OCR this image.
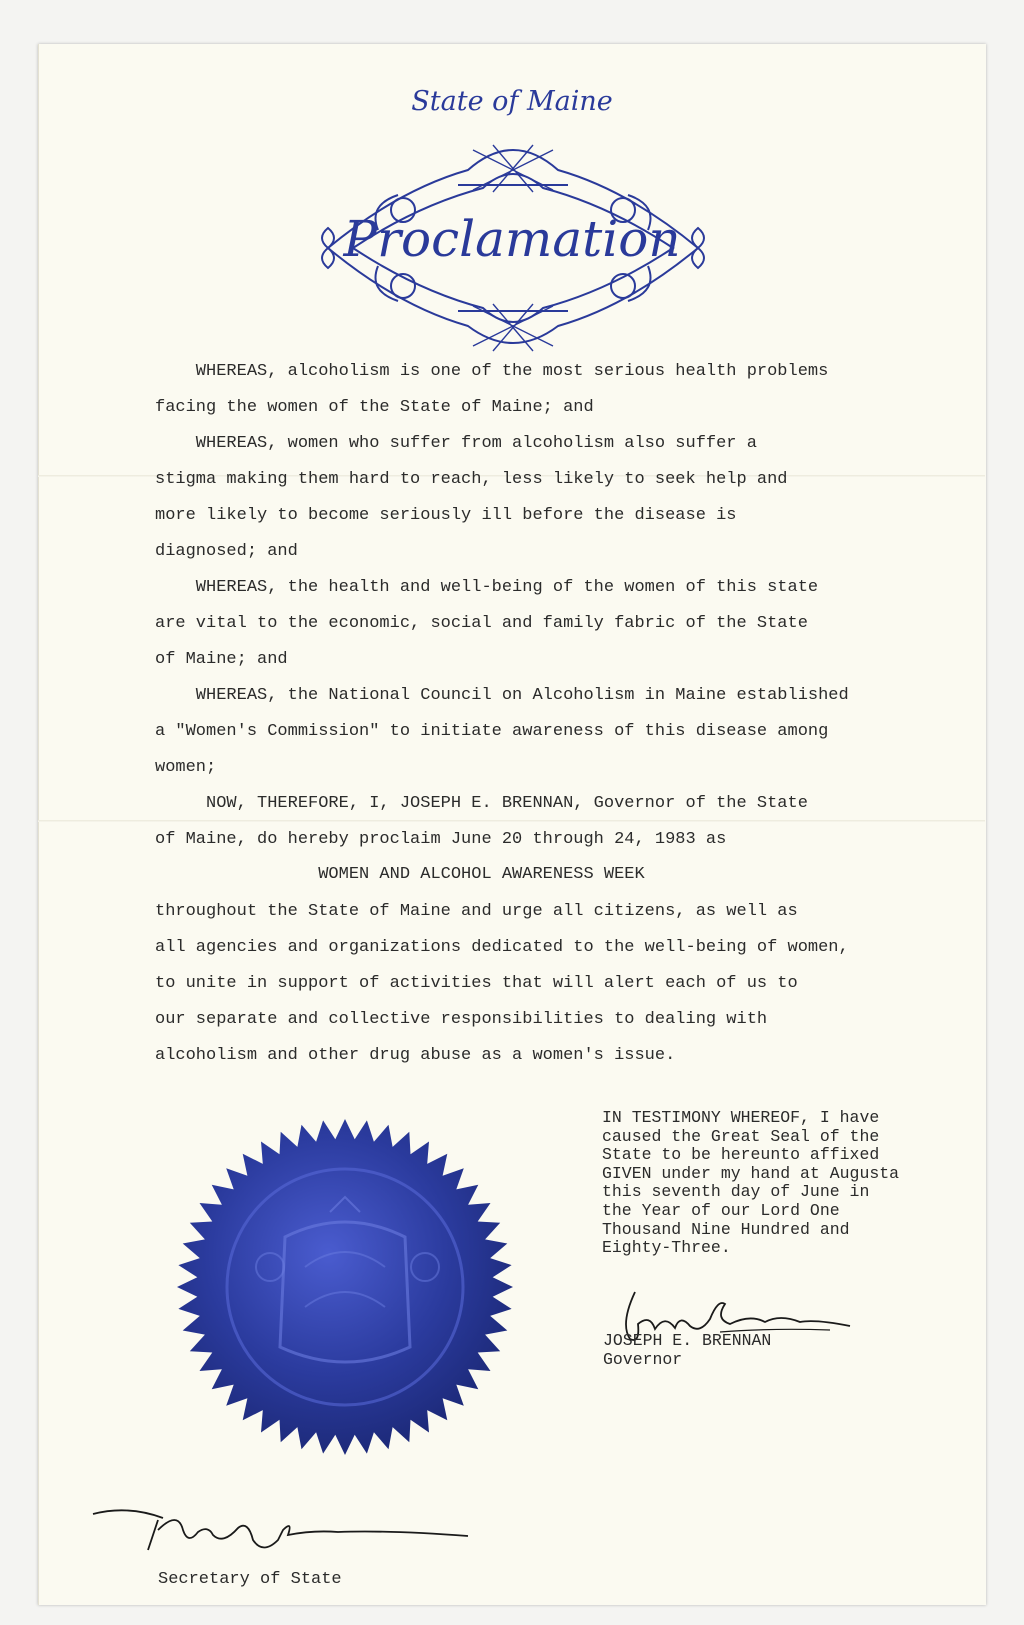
State of Maine
Proclamation
WHEREAS, alcoholism is one of the most serious health problems
facing the women of the State of Maine; and
WHEREAS, women who suffer from alcoholism also suffer a
stigma making them hard to reach, less likely to seek help and
more likely to become seriously ill before the disease is
diagnosed; and
WHEREAS, the health and well-being of the women of this state
are vital to the economic, social and family fabric of the State
of Maine; and
WHEREAS, the National Council on Alcoholism in Maine established
a "Women's Commission" to initiate awareness of this disease among
women;
NOW, THEREFORE, I, JOSEPH E. BRENNAN, Governor of the State
of Maine, do hereby proclaim June 20 through 24, 1983 as
WOMEN AND ALCOHOL AWARENESS WEEK
throughout the State of Maine and urge all citizens, as well as
all agencies and organizations dedicated to the well-being of women,
to unite in support of activities that will alert each of us to
our separate and collective responsibilities to dealing with
alcoholism and other drug abuse as a women's issue.
IN TESTIMONY WHEREOF, I have
caused the Great Seal of the
State to be hereunto affixed
GIVEN under my hand at Augusta
this seventh day of June in
the Year of our Lord One
Thousand Nine Hundred and
Eighty-Three.
JOSEPH E. BRENNAN
Governor
Secretary of State
